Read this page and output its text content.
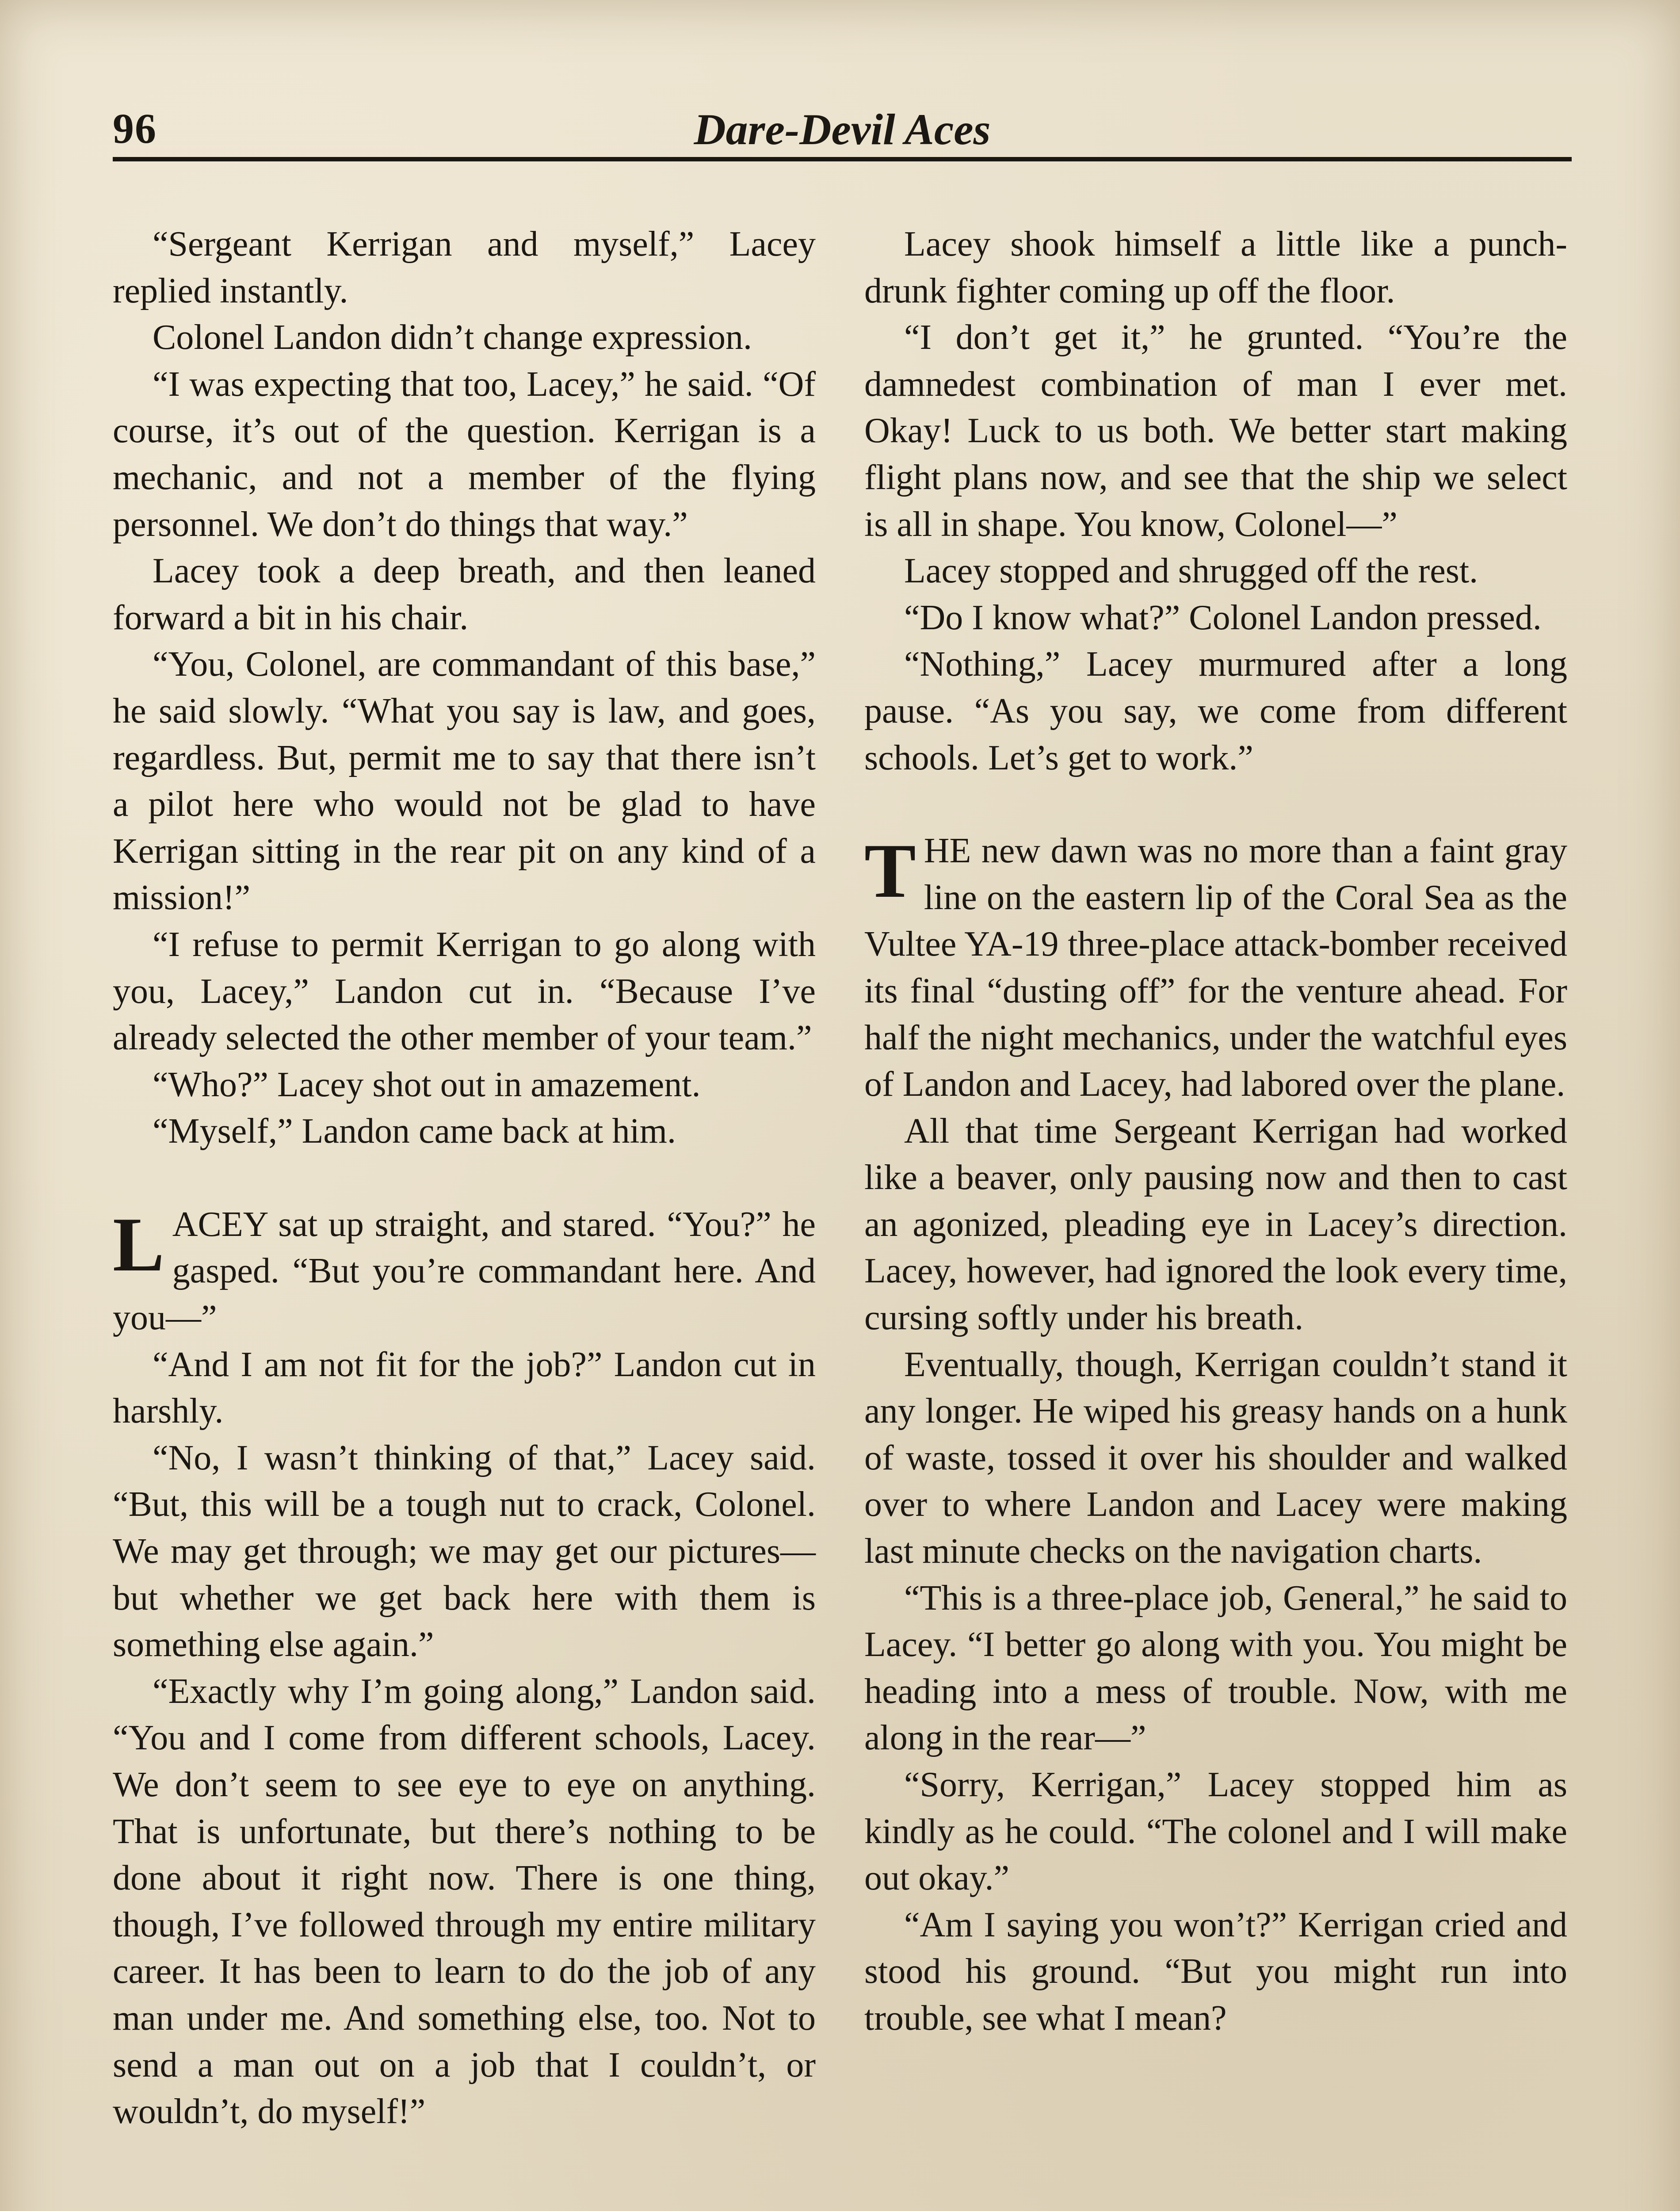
96	Dare-Devil Aces

“Sergeant Kerrigan and myself,” Lacey replied instantly.

Colonel Landon didn’t change expression.

“I was expecting that too, Lacey,” he said. “Of course, it’s out of the question. Kerrigan is a mechanic, and not a member of the flying personnel. We don’t do things that way.”

Lacey took a deep breath, and then leaned forward a bit in his chair.

“You, Colonel, are commandant of this base,” he said slowly. “What you say is law, and goes, regardless. But, permit me to say that there isn’t a pilot here who would not be glad to have Kerrigan sitting in the rear pit on any kind of a mission!”

“I refuse to permit Kerrigan to go along with you, Lacey,” Landon cut in. “Because I’ve already selected the other member of your team.”

“Who?” Lacey shot out in amazement.

“Myself,” Landon came back at him.

LACEY sat up straight, and stared. “You?” he gasped. “But you’re commandant here. And you—”

“And I am not fit for the job?” Landon cut in harshly.

“No, I wasn’t thinking of that,” Lacey said. “But, this will be a tough nut to crack, Colonel. We may get through; we may get our pictures—but whether we get back here with them is something else again.”

“Exactly why I’m going along,” Landon said. “You and I come from different schools, Lacey. We don’t seem to see eye to eye on anything. That is unfortunate, but there’s nothing to be done about it right now. There is one thing, though, I’ve followed through my entire military career. It has been to learn to do the job of any man under me. And something else, too. Not to send a man out on a job that I couldn’t, or wouldn’t, do myself!”

Lacey shook himself a little like a punch-drunk fighter coming up off the floor.

“I don’t get it,” he grunted. “You’re the damnedest combination of man I ever met. Okay! Luck to us both. We better start making flight plans now, and see that the ship we select is all in shape. You know, Colonel—”

Lacey stopped and shrugged off the rest.

“Do I know what?” Colonel Landon pressed.

“Nothing,” Lacey murmured after a long pause. “As you say, we come from different schools. Let’s get to work.”

THE new dawn was no more than a faint gray line on the eastern lip of the Coral Sea as the Vultee YA-19 three-place attack-bomber received its final “dusting off” for the venture ahead. For half the night mechanics, under the watchful eyes of Landon and Lacey, had labored over the plane.

All that time Sergeant Kerrigan had worked like a beaver, only pausing now and then to cast an agonized, pleading eye in Lacey’s direction. Lacey, however, had ignored the look every time, cursing softly under his breath.

Eventually, though, Kerrigan couldn’t stand it any longer. He wiped his greasy hands on a hunk of waste, tossed it over his shoulder and walked over to where Landon and Lacey were making last minute checks on the navigation charts.

“This is a three-place job, General,” he said to Lacey. “I better go along with you. You might be heading into a mess of trouble. Now, with me along in the rear—”

“Sorry, Kerrigan,” Lacey stopped him as kindly as he could. “The colonel and I will make out okay.”

“Am I saying you won’t?” Kerrigan cried and stood his ground. “But you might run into trouble, see what I mean?
